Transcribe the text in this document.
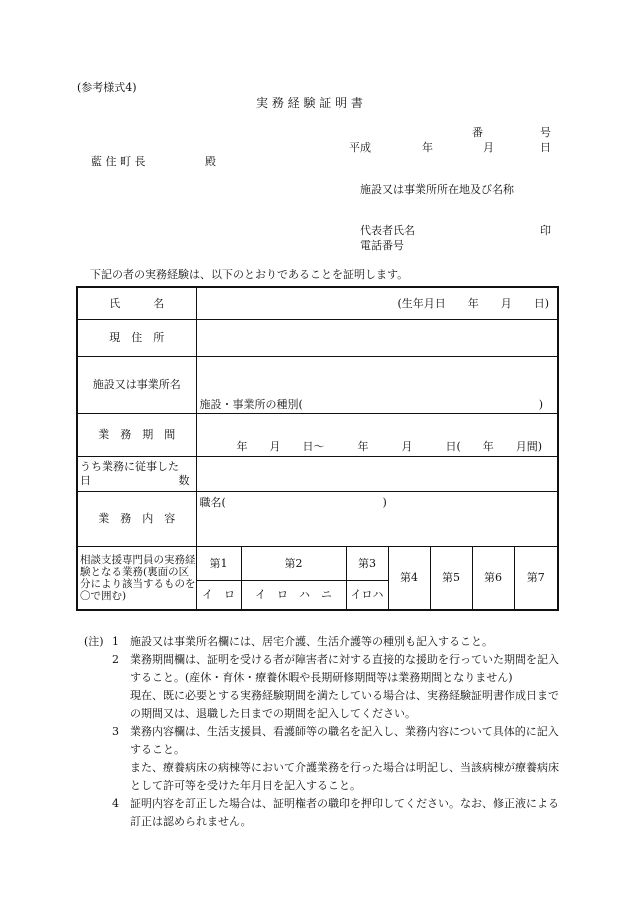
(参考様式4)
実 務 経 験 証 明 書
番	号
平成	年	月	日
藍 住 町 長	殿
施設又は事業所所在地及び名称
代表者氏名	印
電話番号
下記の者の実務経験は、以下のとおりであることを証明します。
氏　　　名	(生年月日　　年　　月　　日)						

現　住　所							
施設又は事業所名	施設・事業所の種別( )						

業　務　期　間	年　　月　　日〜　　　年　　　月　　　日(　　年　　月間)						

うち業務に従事した
日 数							

業　務　内　容	職名( )						

相談支援専門員の実務経験となる業務(裏面の区分により該当するものを〇で囲む)	第1	第2	第3	第4	第5	第6	第7
	イ　ロ	イ　ロ　ハ　ニ	イロハ				
(注) 1 施設又は事業所名欄には、居宅介護、生活介護等の種別も記入すること。
2 業務期間欄は、証明を受ける者が障害者に対する直接的な援助を行っていた期間を記入すること。(産休・育休・療養休暇や長期研修期間等は業務期間となりません)
現在、既に必要とする実務経験期間を満たしている場合は、実務経験証明書作成日までの期間又は、退職した日までの期間を記入してください。
3 業務内容欄は、生活支援員、看護師等の職名を記入し、業務内容について具体的に記入すること。
また、療養病床の病棟等において介護業務を行った場合は明記し、当該病棟が療養病床として許可等を受けた年月日を記入すること。
4 証明内容を訂正した場合は、証明権者の職印を押印してください。なお、修正液による訂正は認められません。
